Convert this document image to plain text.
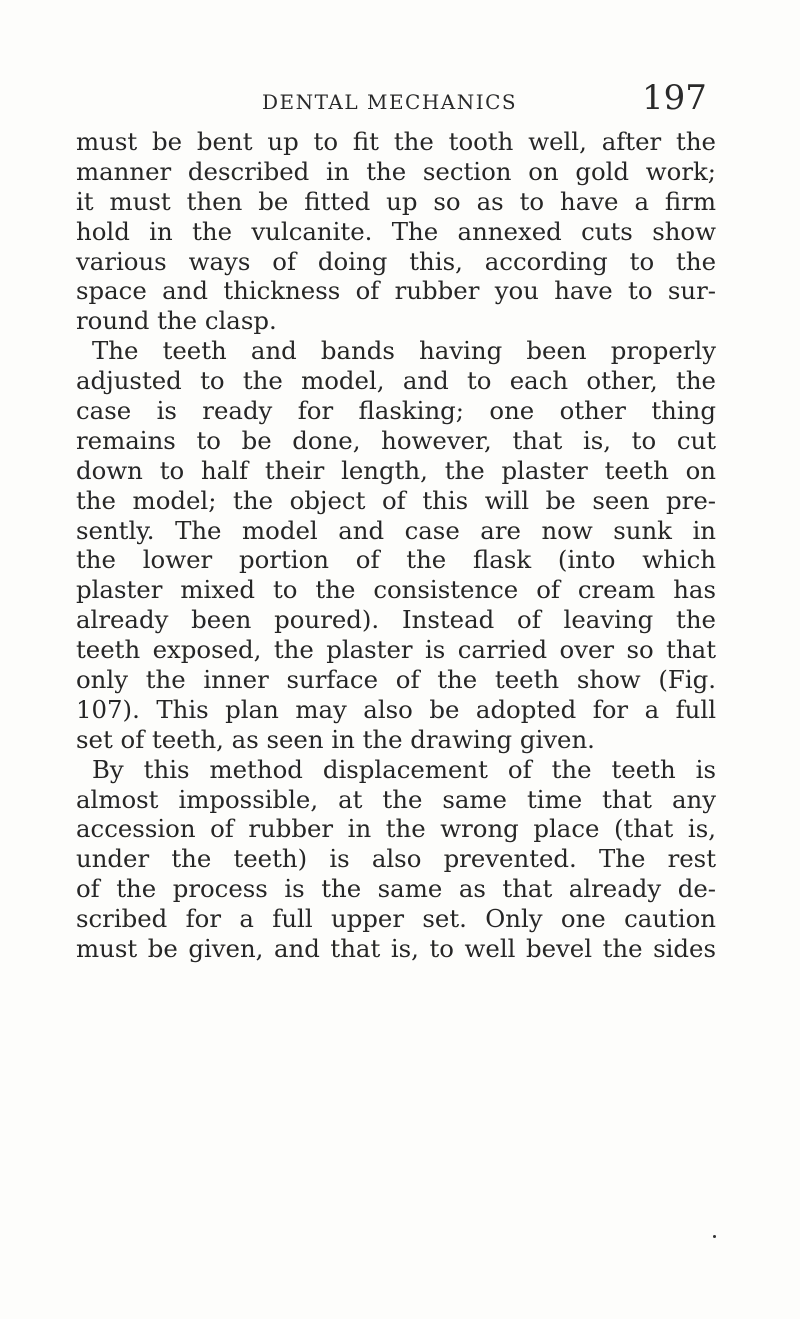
DENTAL MECHANICS	197
must be bent up to fit the tooth well, after the
manner described in the section on gold work;
it must then be fitted up so as to have a firm
hold in the vulcanite. The annexed cuts show
various ways of doing this, according to the
space and thickness of rubber you have to sur-
round the clasp.
The teeth and bands having been properly
adjusted to the model, and to each other, the
case is ready for flasking; one other thing
remains to be done, however, that is, to cut
down to half their length, the plaster teeth on
the model; the object of this will be seen pre-
sently. The model and case are now sunk in
the lower portion of the flask (into which
plaster mixed to the consistence of cream has
already been poured). Instead of leaving the
teeth exposed, the plaster is carried over so that
only the inner surface of the teeth show (Fig.
107). This plan may also be adopted for a full
set of teeth, as seen in the drawing given.
By this method displacement of the teeth is
almost impossible, at the same time that any
accession of rubber in the wrong place (that is,
under the teeth) is also prevented. The rest
of the process is the same as that already de-
scribed for a full upper set. Only one caution
must be given, and that is, to well bevel the sides
